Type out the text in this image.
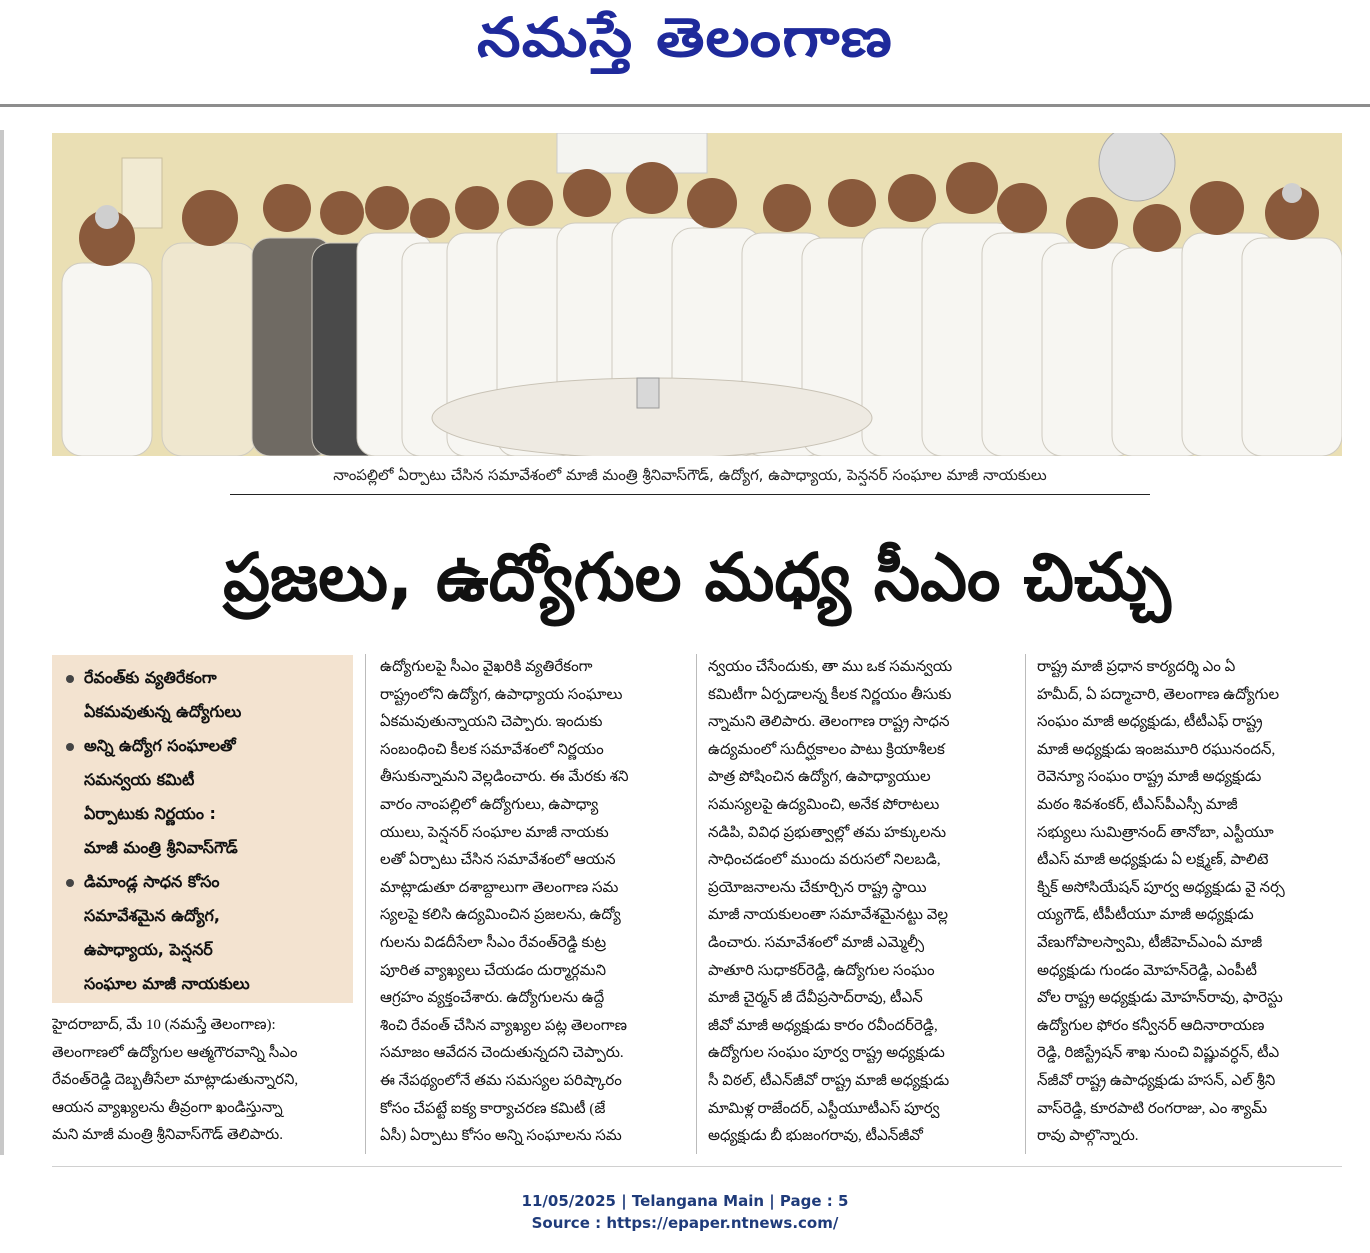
నమస్తే తెలంగాణ
నాంపల్లిలో ఏర్పాటు చేసిన సమావేశంలో మాజీ మంత్రి శ్రీనివాస్‌గౌడ్‌, ఉద్యోగ, ఉపాధ్యాయ, పెన్షనర్‌ సంఘాల మాజీ నాయకులు
ప్రజలు, ఉద్యోగుల మధ్య సీఎం చిచ్చు
రేవంత్‌కు వ్యతిరేకంగా
ఏకమవుతున్న ఉద్యోగులు
అన్ని ఉద్యోగ సంఘాలతో
సమన్వయ కమిటీ
ఏర్పాటుకు నిర్ణయం :
మాజీ మంత్రి శ్రీనివాస్‌గౌడ్‌
డిమాండ్ల సాధన కోసం
సమావేశమైన ఉద్యోగ,
ఉపాధ్యాయ, పెన్షనర్‌
సంఘాల మాజీ నాయకులు
హైదరాబాద్‌, మే 10 (నమస్తే తెలంగాణ):
తెలంగాణలో ఉద్యోగుల ఆత్మగౌరవాన్ని సీఎం
రేవంత్‌రెడ్డి దెబ్బతీసేలా మాట్లాడుతున్నారని,
ఆయన వ్యాఖ్యలను తీవ్రంగా ఖండిస్తున్నా
మని మాజీ మంత్రి శ్రీనివాస్‌గౌడ్‌ తెలిపారు.
ఉద్యోగులపై సీఎం వైఖరికి వ్యతిరేకంగా
రాష్ట్రంలోని ఉద్యోగ, ఉపాధ్యాయ సంఘాలు
ఏకమవుతున్నాయని చెప్పారు. ఇందుకు
సంబంధించి కీలక సమావేశంలో నిర్ణయం
తీసుకున్నామని వెల్లడించారు. ఈ మేరకు శని
వారం నాంపల్లిలో ఉద్యోగులు, ఉపాధ్యా
యులు, పెన్షనర్‌ సంఘాల మాజీ నాయకు
లతో ఏర్పాటు చేసిన సమావేశంలో ఆయన
మాట్లాడుతూ దశాబ్దాలుగా తెలంగాణ సమ
స్యలపై కలిసి ఉద్యమించిన ప్రజలను, ఉద్యో
గులను విడదీసేలా సీఎం రేవంత్‌రెడ్డి కుట్ర
పూరిత వ్యాఖ్యలు చేయడం దుర్మార్గమని
ఆగ్రహం వ్యక్తంచేశారు. ఉద్యోగులను ఉద్దే
శించి రేవంత్‌ చేసిన వ్యాఖ్యల పట్ల తెలంగాణ
సమాజం ఆవేదన చెందుతున్నదని చెప్పారు.
ఈ నేపథ్యంలోనే తమ సమస్యల పరిష్కారం
కోసం చేపట్టే ఐక్య కార్యాచరణ కమిటీ (జే
ఏసీ) ఏర్పాటు కోసం అన్ని సంఘాలను సమ
న్వయం చేసేందుకు, తా ము ఒక సమన్వయ
కమిటీగా ఏర్పడాలన్న కీలక నిర్ణయం తీసుకు
న్నామని తెలిపారు. తెలంగాణ రాష్ట్ర సాధన
ఉద్యమంలో సుదీర్ఘకాలం పాటు క్రియాశీలక
పాత్ర పోషించిన ఉద్యోగ, ఉపాధ్యాయుల
సమస్యలపై ఉద్యమించి, అనేక పోరాటలు
నడిపి, వివిధ ప్రభుత్వాల్లో తమ హక్కులను
సాధించడంలో ముందు వరుసలో నిలబడి,
ప్రయోజనాలను చేకూర్చిన రాష్ట్ర స్థాయి
మాజీ నాయకులంతా సమావేశమైనట్టు వెల్ల
డించారు. సమావేశంలో మాజీ ఎమ్మెల్సీ
పాతూరి సుధాకర్‌రెడ్డి, ఉద్యోగుల సంఘం
మాజీ చైర్మన్‌ జీ దేవీప్రసాద్‌రావు, టీఎన్‌
జీవో మాజీ అధ్యక్షుడు కారం రవీందర్‌రెడ్డి,
ఉద్యోగుల సంఘం పూర్వ రాష్ట్ర అధ్యక్షుడు
సీ విఠల్‌, టీఎన్‌జీవో రాష్ట్ర మాజీ అధ్యక్షుడు
మామిళ్ల రాజేందర్‌, ఎస్టీయూటీఎస్‌ పూర్వ
అధ్యక్షుడు బీ భుజంగరావు, టీఎన్‌జీవో
రాష్ట్ర మాజీ ప్రధాన కార్యదర్శి ఎం ఏ
హమీద్‌, ఏ పద్మాచారి, తెలంగాణ ఉద్యోగుల
సంఘం మాజీ అధ్యక్షుడు, టీటీఎఫ్‌ రాష్ట్ర
మాజీ అధ్యక్షుడు ఇంజమూరి రఘునందన్‌,
రెవెన్యూ సంఘం రాష్ట్ర మాజీ అధ్యక్షుడు
మఠం శివశంకర్‌, టీఎస్‌పీఎస్సీ మాజీ
సభ్యులు సుమిత్రానంద్‌ తానోబా, ఎస్టీయూ
టీఎస్‌ మాజీ అధ్యక్షుడు ఏ లక్ష్మణ్‌, పాలిటె
క్నిక్‌ అసోసియేషన్‌ పూర్వ అధ్యక్షుడు వై నర్స
య్యగౌడ్‌, టీపీటీయూ మాజీ అధ్యక్షుడు
వేణుగోపాలస్వామి, టీజీహెచ్‌ఎంఏ మాజీ
అధ్యక్షుడు గుండం మోహన్‌రెడ్డి, ఎంపీటీ
వోల రాష్ట్ర అధ్యక్షుడు మోహన్‌రావు, ఫారెస్టు
ఉద్యోగుల ఫోరం కన్వీనర్‌ ఆదినారాయణ
రెడ్డి, రిజిస్ట్రేషన్‌ శాఖ నుంచి విష్ణువర్ధన్‌, టీఎ
న్‌జీవో రాష్ట్ర ఉపాధ్యక్షుడు హసన్‌, ఎల్‌ శ్రీని
వాస్‌రెడ్డి, కూరపాటి రంగరాజు, ఎం శ్యామ్‌
రావు పాల్గొన్నారు.
11/05/2025 | Telangana Main | Page : 5
Source : https://epaper.ntnews.com/
